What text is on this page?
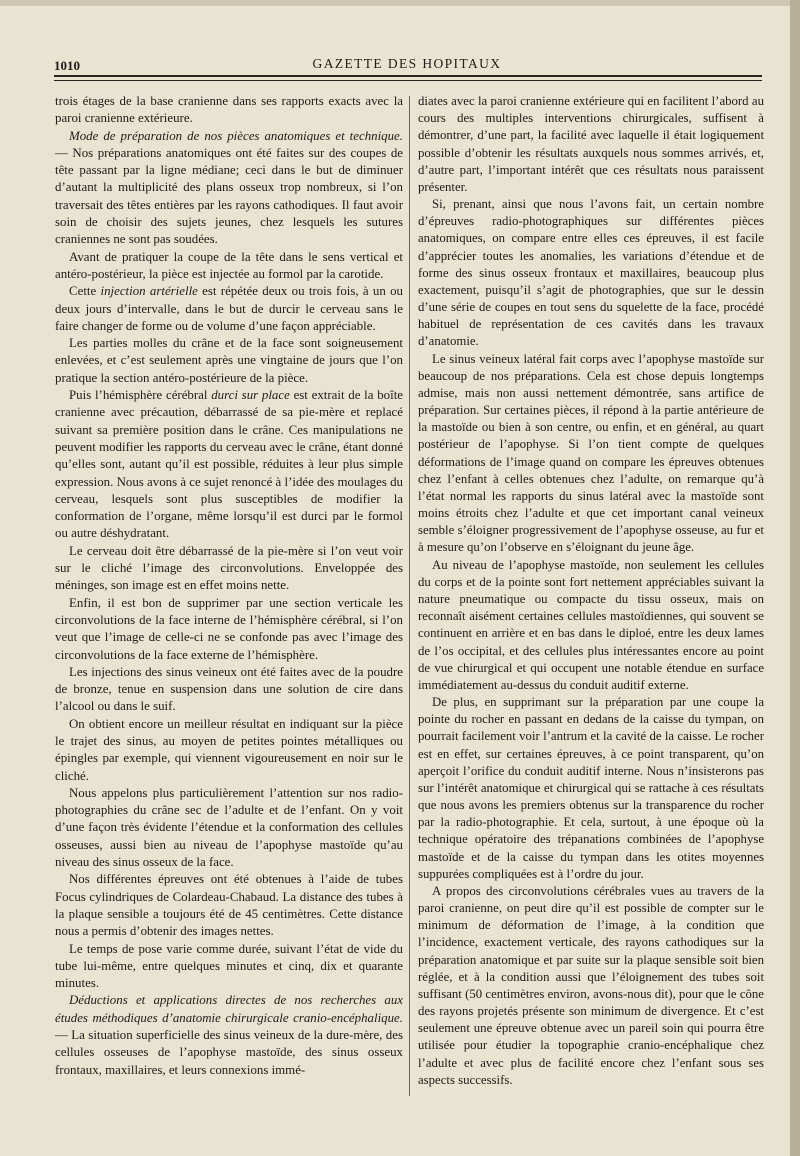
1010	GAZETTE DES HOPITAUX

trois étages de la base cranienne dans ses rapports exacts avec la paroi cranienne extérieure.

Mode de préparation de nos pièces anatomiques et technique. — Nos préparations anatomiques ont été faites sur des coupes de tête passant par la ligne médiane; ceci dans le but de diminuer d’autant la multiplicité des plans osseux trop nombreux, si l’on traversait des têtes entières par les rayons cathodiques. Il faut avoir soin de choisir des sujets jeunes, chez lesquels les sutures craniennes ne sont pas soudées.

Avant de pratiquer la coupe de la tête dans le sens vertical et antéro-postérieur, la pièce est injectée au formol par la carotide.

Cette injection artérielle est répétée deux ou trois fois, à un ou deux jours d’intervalle, dans le but de durcir le cerveau sans le faire changer de forme ou de volume d’une façon appréciable.

Les parties molles du crâne et de la face sont soigneusement enlevées, et c’est seulement après une vingtaine de jours que l’on pratique la section antéro-postérieure de la pièce.

Puis l’hémisphère cérébral durci sur place est extrait de la boîte cranienne avec précaution, débarrassé de sa pie-mère et replacé suivant sa première position dans le crâne. Ces manipulations ne peuvent modifier les rapports du cerveau avec le crâne, étant donné qu’elles sont, autant qu’il est possible, réduites à leur plus simple expression. Nous avons à ce sujet renoncé à l’idée des moulages du cerveau, lesquels sont plus susceptibles de modifier la conformation de l’organe, même lorsqu’il est durci par le formol ou autre déshydratant.

Le cerveau doit être débarrassé de la pie-mère si l’on veut voir sur le cliché l’image des circonvolutions. Enveloppée des méninges, son image est en effet moins nette.

Enfin, il est bon de supprimer par une section verticale les circonvolutions de la face interne de l’hémisphère cérébral, si l’on veut que l’image de celle-ci ne se confonde pas avec l’image des circonvolutions de la face externe de l’hémisphère.

Les injections des sinus veineux ont été faites avec de la poudre de bronze, tenue en suspension dans une solution de cire dans l’alcool ou dans le suif.

On obtient encore un meilleur résultat en indiquant sur la pièce le trajet des sinus, au moyen de petites pointes métalliques ou épingles par exemple, qui viennent vigoureusement en noir sur le cliché.

Nous appelons plus particulièrement l’attention sur nos radio-photographies du crâne sec de l’adulte et de l’enfant. On y voit d’une façon très évidente l’étendue et la conformation des cellules osseuses, aussi bien au niveau de l’apophyse mastoïde qu’au niveau des sinus osseux de la face.

Nos différentes épreuves ont été obtenues à l’aide de tubes Focus cylindriques de Colardeau-Chabaud. La distance des tubes à la plaque sensible a toujours été de 45 centimètres. Cette distance nous a permis d’obtenir des images nettes.

Le temps de pose varie comme durée, suivant l’état de vide du tube lui-même, entre quelques minutes et cinq, dix et quarante minutes.

Déductions et applications directes de nos recherches aux études méthodiques d’anatomie chirurgicale cranio-encéphalique. — La situation superficielle des sinus veineux de la dure-mère, des cellules osseuses de l’apophyse mastoïde, des sinus osseux frontaux, maxillaires, et leurs connexions immé-

diates avec la paroi cranienne extérieure qui en facilitent l’abord au cours des multiples interventions chirurgicales, suffisent à démontrer, d’une part, la facilité avec laquelle il était logiquement possible d’obtenir les résultats auxquels nous sommes arrivés, et, d’autre part, l’important intérêt que ces résultats nous paraissent présenter.

Si, prenant, ainsi que nous l’avons fait, un certain nombre d’épreuves radio-photographiques sur différentes pièces anatomiques, on compare entre elles ces épreuves, il est facile d’apprécier toutes les anomalies, les variations d’étendue et de forme des sinus osseux frontaux et maxillaires, beaucoup plus exactement, puisqu’il s’agit de photographies, que sur le dessin d’une série de coupes en tout sens du squelette de la face, procédé habituel de représentation de ces cavités dans les travaux d’anatomie.

Le sinus veineux latéral fait corps avec l’apophyse mastoïde sur beaucoup de nos préparations. Cela est chose depuis longtemps admise, mais non aussi nettement démontrée, sans artifice de préparation. Sur certaines pièces, il répond à la partie antérieure de la mastoïde ou bien à son centre, ou enfin, et en général, au quart postérieur de l’apophyse. Si l’on tient compte de quelques déformations de l’image quand on compare les épreuves obtenues chez l’enfant à celles obtenues chez l’adulte, on remarque qu’à l’état normal les rapports du sinus latéral avec la mastoïde sont moins étroits chez l’adulte et que cet important canal veineux semble s’éloigner progressivement de l’apophyse osseuse, au fur et à mesure qu’on l’observe en s’éloignant du jeune âge.

Au niveau de l’apophyse mastoïde, non seulement les cellules du corps et de la pointe sont fort nettement appréciables suivant la nature pneumatique ou compacte du tissu osseux, mais on reconnaît aisément certaines cellules mastoïdiennes, qui souvent se continuent en arrière et en bas dans le diploé, entre les deux lames de l’os occipital, et des cellules plus intéressantes encore au point de vue chirurgical et qui occupent une notable étendue en surface immédiatement au-dessus du conduit auditif externe.

De plus, en supprimant sur la préparation par une coupe la pointe du rocher en passant en dedans de la caisse du tympan, on pourrait facilement voir l’antrum et la cavité de la caisse. Le rocher est en effet, sur certaines épreuves, à ce point transparent, qu’on aperçoit l’orifice du conduit auditif interne. Nous n’insisterons pas sur l’intérêt anatomique et chirurgical qui se rattache à ces résultats que nous avons les premiers obtenus sur la transparence du rocher par la radio-photographie. Et cela, surtout, à une époque où la technique opératoire des trépanations combinées de l’apophyse mastoïde et de la caisse du tympan dans les otites moyennes suppurées compliquées est à l’ordre du jour.

A propos des circonvolutions cérébrales vues au travers de la paroi cranienne, on peut dire qu’il est possible de compter sur le minimum de déformation de l’image, à la condition que l’incidence, exactement verticale, des rayons cathodiques sur la préparation anatomique et par suite sur la plaque sensible soit bien réglée, et à la condition aussi que l’éloignement des tubes soit suffisant (50 centimètres environ, avons-nous dit), pour que le cône des rayons projetés présente son minimum de divergence. Et c’est seulement une épreuve obtenue avec un pareil soin qui pourra être utilisée pour étudier la topographie cranio-encéphalique chez l’adulte et avec plus de facilité encore chez l’enfant sous ses aspects successifs.
